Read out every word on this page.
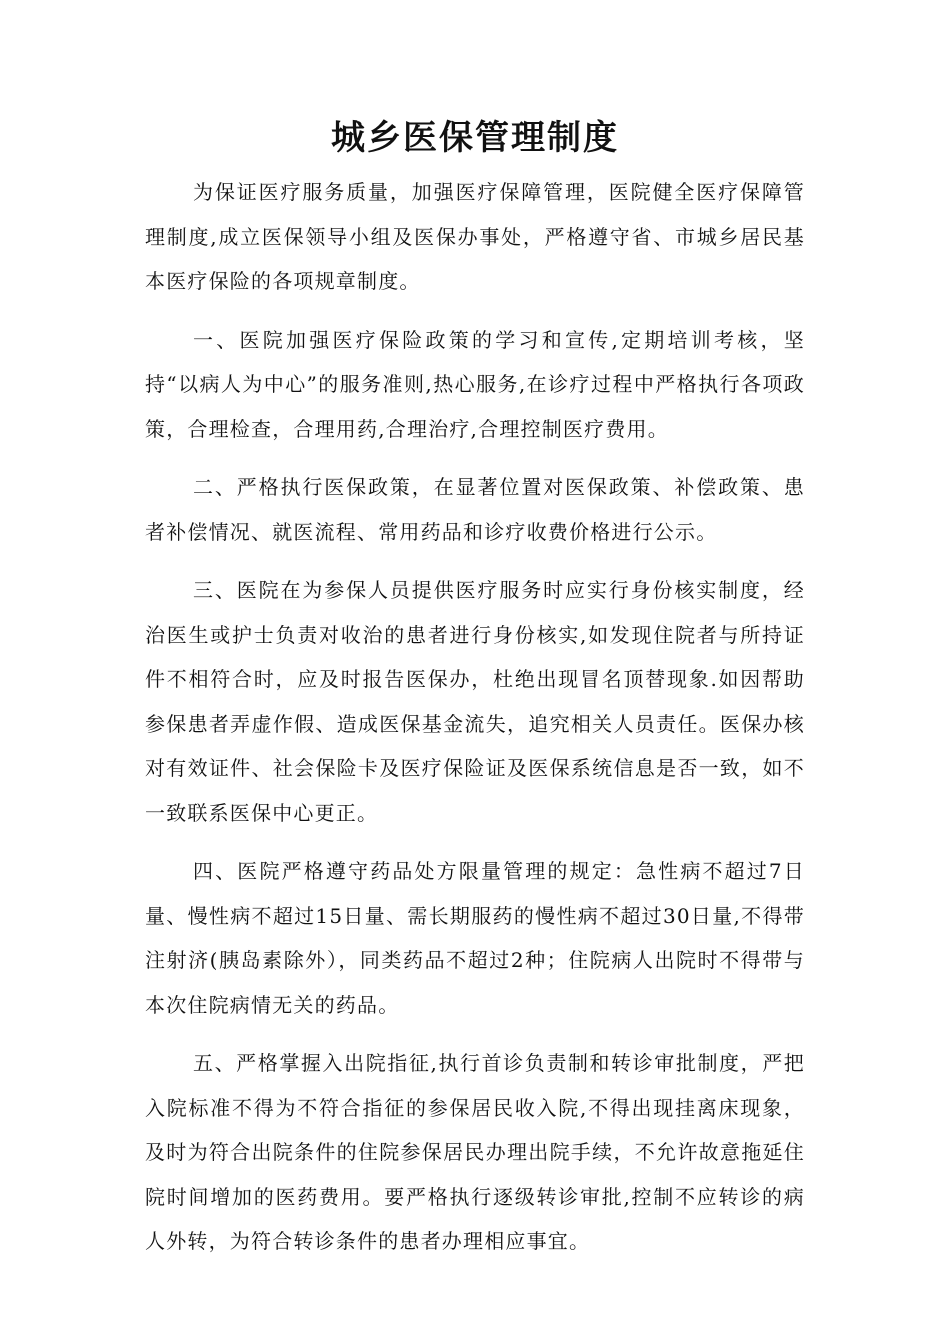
城乡医保管理制度

为保证医疗服务质量，加强医疗保障管理，医院健全医疗保障管理制度,成立医保领导小组及医保办事处，严格遵守省、市城乡居民基本医疗保险的各项规章制度。

一、医院加强医疗保险政策的学习和宣传,定期培训考核，坚持“以病人为中心”的服务准则,热心服务,在诊疗过程中严格执行各项政策，合理检查，合理用药,合理治疗,合理控制医疗费用。

二、严格执行医保政策，在显著位置对医保政策、补偿政策、患者补偿情况、就医流程、常用药品和诊疗收费价格进行公示。

三、医院在为参保人员提供医疗服务时应实行身份核实制度，经治医生或护士负责对收治的患者进行身份核实,如发现住院者与所持证件不相符合时，应及时报告医保办，杜绝出现冒名顶替现象.如因帮助参保患者弄虚作假、造成医保基金流失，追究相关人员责任。医保办核对有效证件、社会保险卡及医疗保险证及医保系统信息是否一致，如不一致联系医保中心更正。

四、医院严格遵守药品处方限量管理的规定：急性病不超过7日量、慢性病不超过15日量、需长期服药的慢性病不超过30日量,不得带注射济(胰岛素除外），同类药品不超过2种；住院病人出院时不得带与本次住院病情无关的药品。

五、严格掌握入出院指征,执行首诊负责制和转诊审批制度，严把入院标准不得为不符合指征的参保居民收入院,不得出现挂离床现象，及时为符合出院条件的住院参保居民办理出院手续，不允许故意拖延住院时间增加的医药费用。要严格执行逐级转诊审批,控制不应转诊的病人外转，为符合转诊条件的患者办理相应事宜。
